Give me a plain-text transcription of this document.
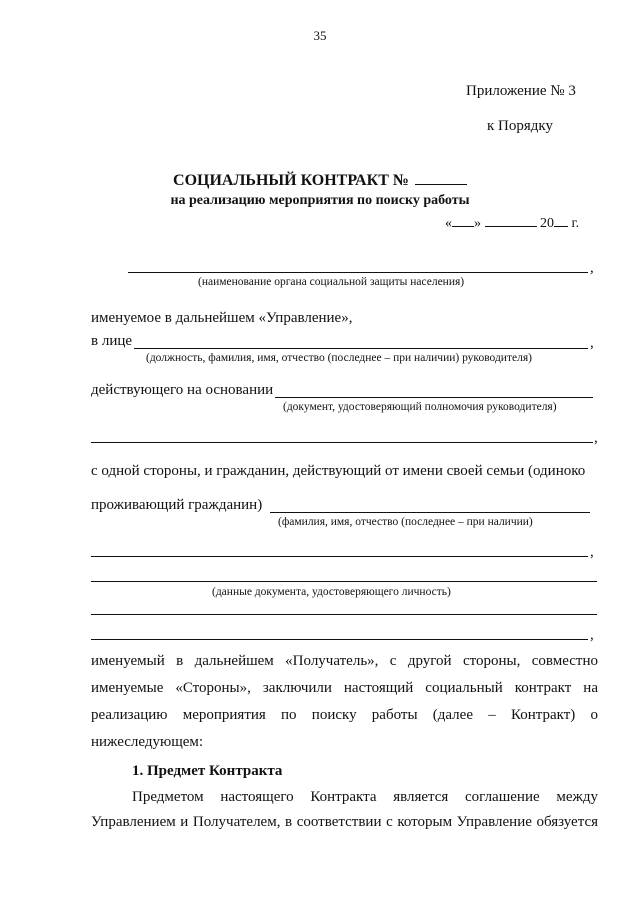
35
Приложение № 3
к Порядку
СОЦИАЛЬНЫЙ КОНТРАКТ №
на реализацию мероприятия по поиску работы
« »	20 г.
,
(наименование органа социальной защиты населения)
именуемое в дальнейшем «Управление»,
в лице	,
(должность, фамилия, имя, отчество (последнее – при наличии) руководителя)
действующего на основании
(документ, удостоверяющий полномочия руководителя)
,
с одной стороны, и гражданин, действующий от имени своей семьи (одиноко
проживающий гражданин)
(фамилия, имя, отчество (последнее – при наличии)
,
(данные документа, удостоверяющего личность)
,
именуемый в дальнейшем «Получатель», с другой стороны, совместно
именуемые «Стороны», заключили настоящий социальный контракт на
реализацию мероприятия по поиску работы (далее – Контракт) о
нижеследующем:
1. Предмет Контракта
Предметом настоящего Контракта является соглашение между
Управлением и Получателем, в соответствии с которым Управление обязуется
